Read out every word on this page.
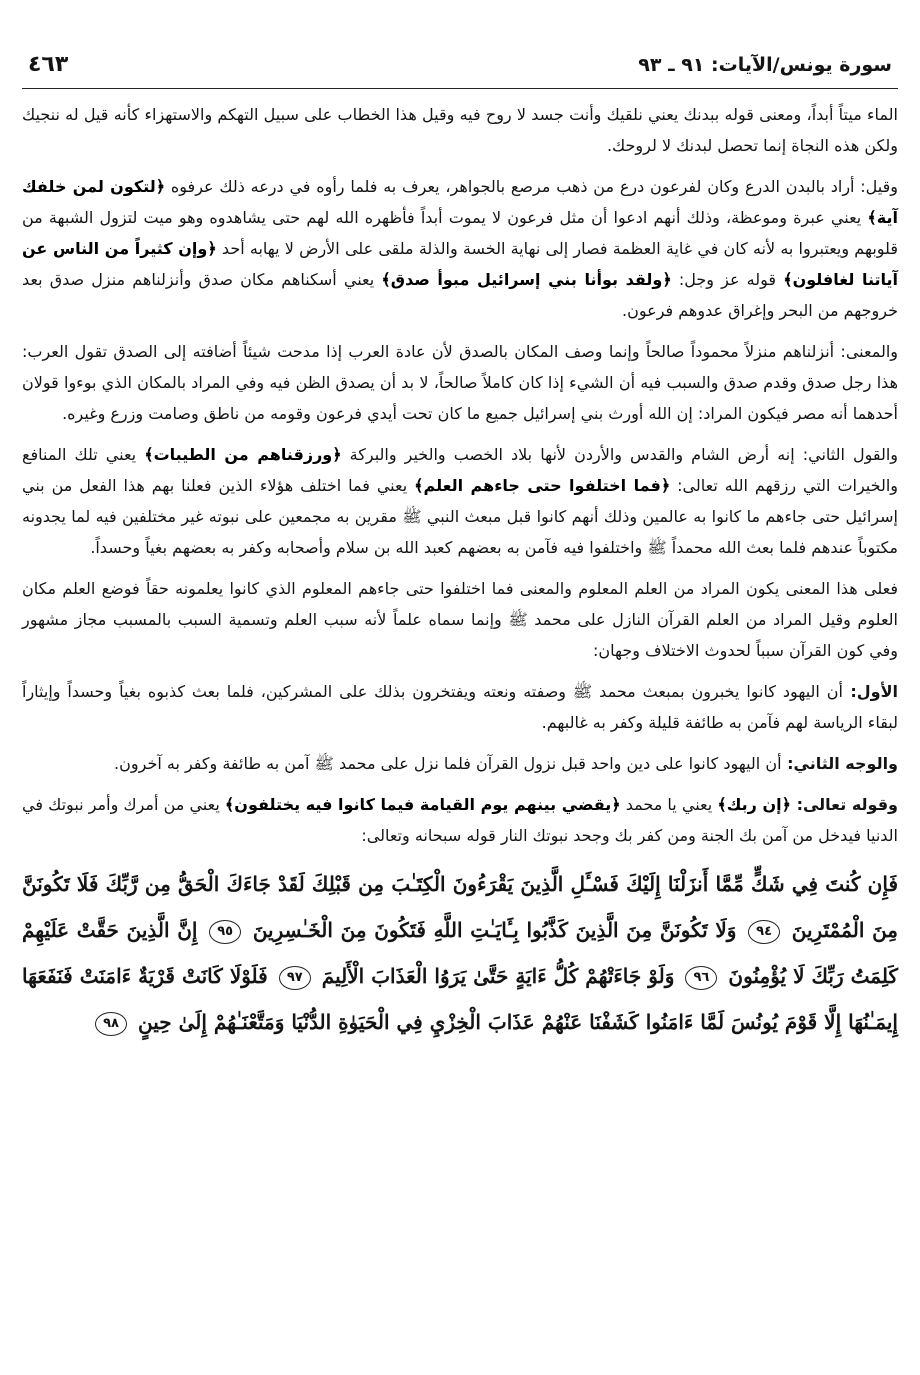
سورة يونس/الآيات: ٩١ ـ ٩٣
٤٦٣

الماء ميتاً أبداً، ومعنى قوله ببدنك يعني نلقيك وأنت جسد لا روح فيه وقيل هذا الخطاب على سبيل التهكم والاستهزاء كأنه قيل له ننجيك ولكن هذه النجاة إنما تحصل لبدنك لا لروحك.

وقيل: أراد بالبدن الدرع وكان لفرعون درع من ذهب مرصع بالجواهر، يعرف به فلما رأوه في درعه ذلك عرفوه ﴿لتكون لمن خلفك آية﴾ يعني عبرة وموعظة، وذلك أنهم ادعوا أن مثل فرعون لا يموت أبداً فأظهره الله لهم حتى يشاهدوه وهو ميت لتزول الشبهة من قلوبهم ويعتبروا به لأنه كان في غاية العظمة فصار إلى نهاية الخسة والذلة ملقى على الأرض لا يهابه أحد ﴿وإن كثيراً من الناس عن آياتنا لغافلون﴾ قوله عز وجل: ﴿ولقد بوأنا بني إسرائيل مبوأ صدق﴾ يعني أسكناهم مكان صدق وأنزلناهم منزل صدق بعد خروجهم من البحر وإغراق عدوهم فرعون.

والمعنى: أنزلناهم منزلاً محموداً صالحاً وإنما وصف المكان بالصدق لأن عادة العرب إذا مدحت شيئاً أضافته إلى الصدق تقول العرب: هذا رجل صدق وقدم صدق والسبب فيه أن الشيء إذا كان كاملاً صالحاً، لا بد أن يصدق الظن فيه وفي المراد بالمكان الذي بوءوا قولان أحدهما أنه مصر فيكون المراد: إن الله أورث بني إسرائيل جميع ما كان تحت أيدي فرعون وقومه من ناطق وصامت وزرع وغيره.

والقول الثاني: إنه أرض الشام والقدس والأردن لأنها بلاد الخصب والخير والبركة ﴿ورزقناهم من الطيبات﴾ يعني تلك المنافع والخيرات التي رزقهم الله تعالى: ﴿فما اختلفوا حتى جاءهم العلم﴾ يعني فما اختلف هؤلاء الذين فعلنا بهم هذا الفعل من بني إسرائيل حتى جاءهم ما كانوا به عالمين وذلك أنهم كانوا قبل مبعث النبي ﷺ مقرين به مجمعين على نبوته غير مختلفين فيه لما يجدونه مكتوباً عندهم فلما بعث الله محمداً ﷺ واختلفوا فيه فآمن به بعضهم كعبد الله بن سلام وأصحابه وكفر به بعضهم بغياً وحسداً.

فعلى هذا المعنى يكون المراد من العلم المعلوم والمعنى فما اختلفوا حتى جاءهم المعلوم الذي كانوا يعلمونه حقاً فوضع العلم مكان العلوم وقيل المراد من العلم القرآن النازل على محمد ﷺ وإنما سماه علماً لأنه سبب العلم وتسمية السبب بالمسبب مجاز مشهور وفي كون القرآن سبباً لحدوث الاختلاف وجهان:

الأول: أن اليهود كانوا يخبرون بمبعث محمد ﷺ وصفته ونعته ويفتخرون بذلك على المشركين، فلما بعث كذبوه بغياً وحسداً وإيثاراً لبقاء الرياسة لهم فآمن به طائفة قليلة وكفر به غالبهم.

والوجه الثاني: أن اليهود كانوا على دين واحد قبل نزول القرآن فلما نزل على محمد ﷺ آمن به طائفة وكفر به آخرون.

وقوله تعالى: ﴿إن ربك﴾ يعني يا محمد ﴿يقضي بينهم يوم القيامة فيما كانوا فيه يختلفون﴾ يعني من أمرك وأمر نبوتك في الدنيا فيدخل من آمن بك الجنة ومن كفر بك وجحد نبوتك النار قوله سبحانه وتعالى:

فَإِن كُنتَ فِي شَكٍّ مِّمَّا أَنزَلْنَا إِلَيْكَ فَسْـَٔلِ الَّذِينَ يَقْرَءُونَ الْكِتَـٰبَ مِن قَبْلِكَ لَقَدْ جَاءَكَ الْحَقُّ مِن رَّبِّكَ فَلَا تَكُونَنَّ مِنَ الْمُمْتَرِينَ ٩٤ وَلَا تَكُونَنَّ مِنَ الَّذِينَ كَذَّبُوا بِـَٔايَـٰتِ اللَّهِ فَتَكُونَ مِنَ الْخَـٰسِرِينَ ٩٥ إِنَّ الَّذِينَ حَقَّتْ عَلَيْهِمْ كَلِمَتُ رَبِّكَ لَا يُؤْمِنُونَ ٩٦ وَلَوْ جَاءَتْهُمْ كُلُّ ءَايَةٍ حَتَّىٰ يَرَوُا الْعَذَابَ الْأَلِيمَ ٩٧ فَلَوْلَا كَانَتْ قَرْيَةٌ ءَامَنَتْ فَنَفَعَهَا إِيمَـٰنُهَا إِلَّا قَوْمَ يُونُسَ لَمَّا ءَامَنُوا كَشَفْنَا عَنْهُمْ عَذَابَ الْخِزْيِ فِي الْحَيَوٰةِ الدُّنْيَا وَمَتَّعْنَـٰهُمْ إِلَىٰ حِينٍ ٩٨
